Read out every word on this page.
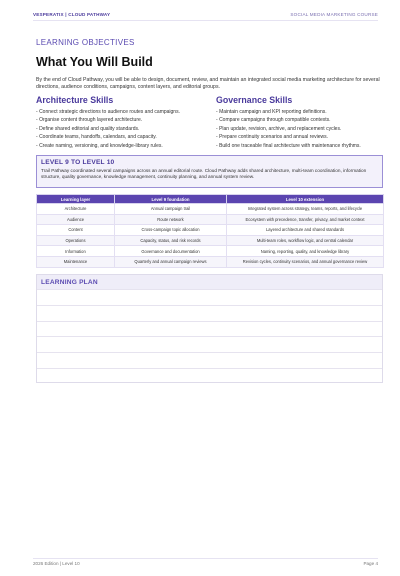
VESPERATIX | CLOUD PATHWAY	SOCIAL MEDIA MARKETING COURSE
LEARNING OBJECTIVES
What You Will Build

By the end of Cloud Pathway, you will be able to design, document, review, and maintain an integrated social media marketing architecture for several directions, audience conditions, campaigns, content layers, and editorial groups.

Architecture Skills
- Connect strategic directions to audience routes and campaigns.
- Organise content through layered architecture.
- Define shared editorial and quality standards.
- Coordinate teams, handoffs, calendars, and capacity.
- Create naming, versioning, and knowledge-library rules.
Governance Skills
- Maintain campaign and KPI reporting definitions.
- Compare campaigns through compatible contexts.
- Plan update, revision, archive, and replacement cycles.
- Prepare continuity scenarios and annual reviews.
- Build one traceable final architecture with maintenance rhythms.
LEVEL 9 TO LEVEL 10

Trail Pathway coordinated several campaigns across an annual editorial route. Cloud Pathway adds shared architecture, multi-team coordination, information structure, quality governance, knowledge management, continuity planning, and annual system review.

Learning layer	Level 9 foundation	Level 10 extension
Architecture	Annual campaign trail	Integrated system across strategy, teams, reports, and lifecycle
Audience	Route network	Ecosystem with precedence, transfer, privacy, and market context
Content	Cross-campaign topic allocation	Layered architecture and shared standards
Operations	Capacity, status, and risk records	Multi-team roles, workflow logic, and central calendar
Information	Governance and documentation	Naming, reporting, quality, and knowledge library
Maintenance	Quarterly and annual campaign reviews	Revision cycles, continuity scenarios, and annual governance review
LEARNING PLAN
2026 Edition | Level 10	Page 4
